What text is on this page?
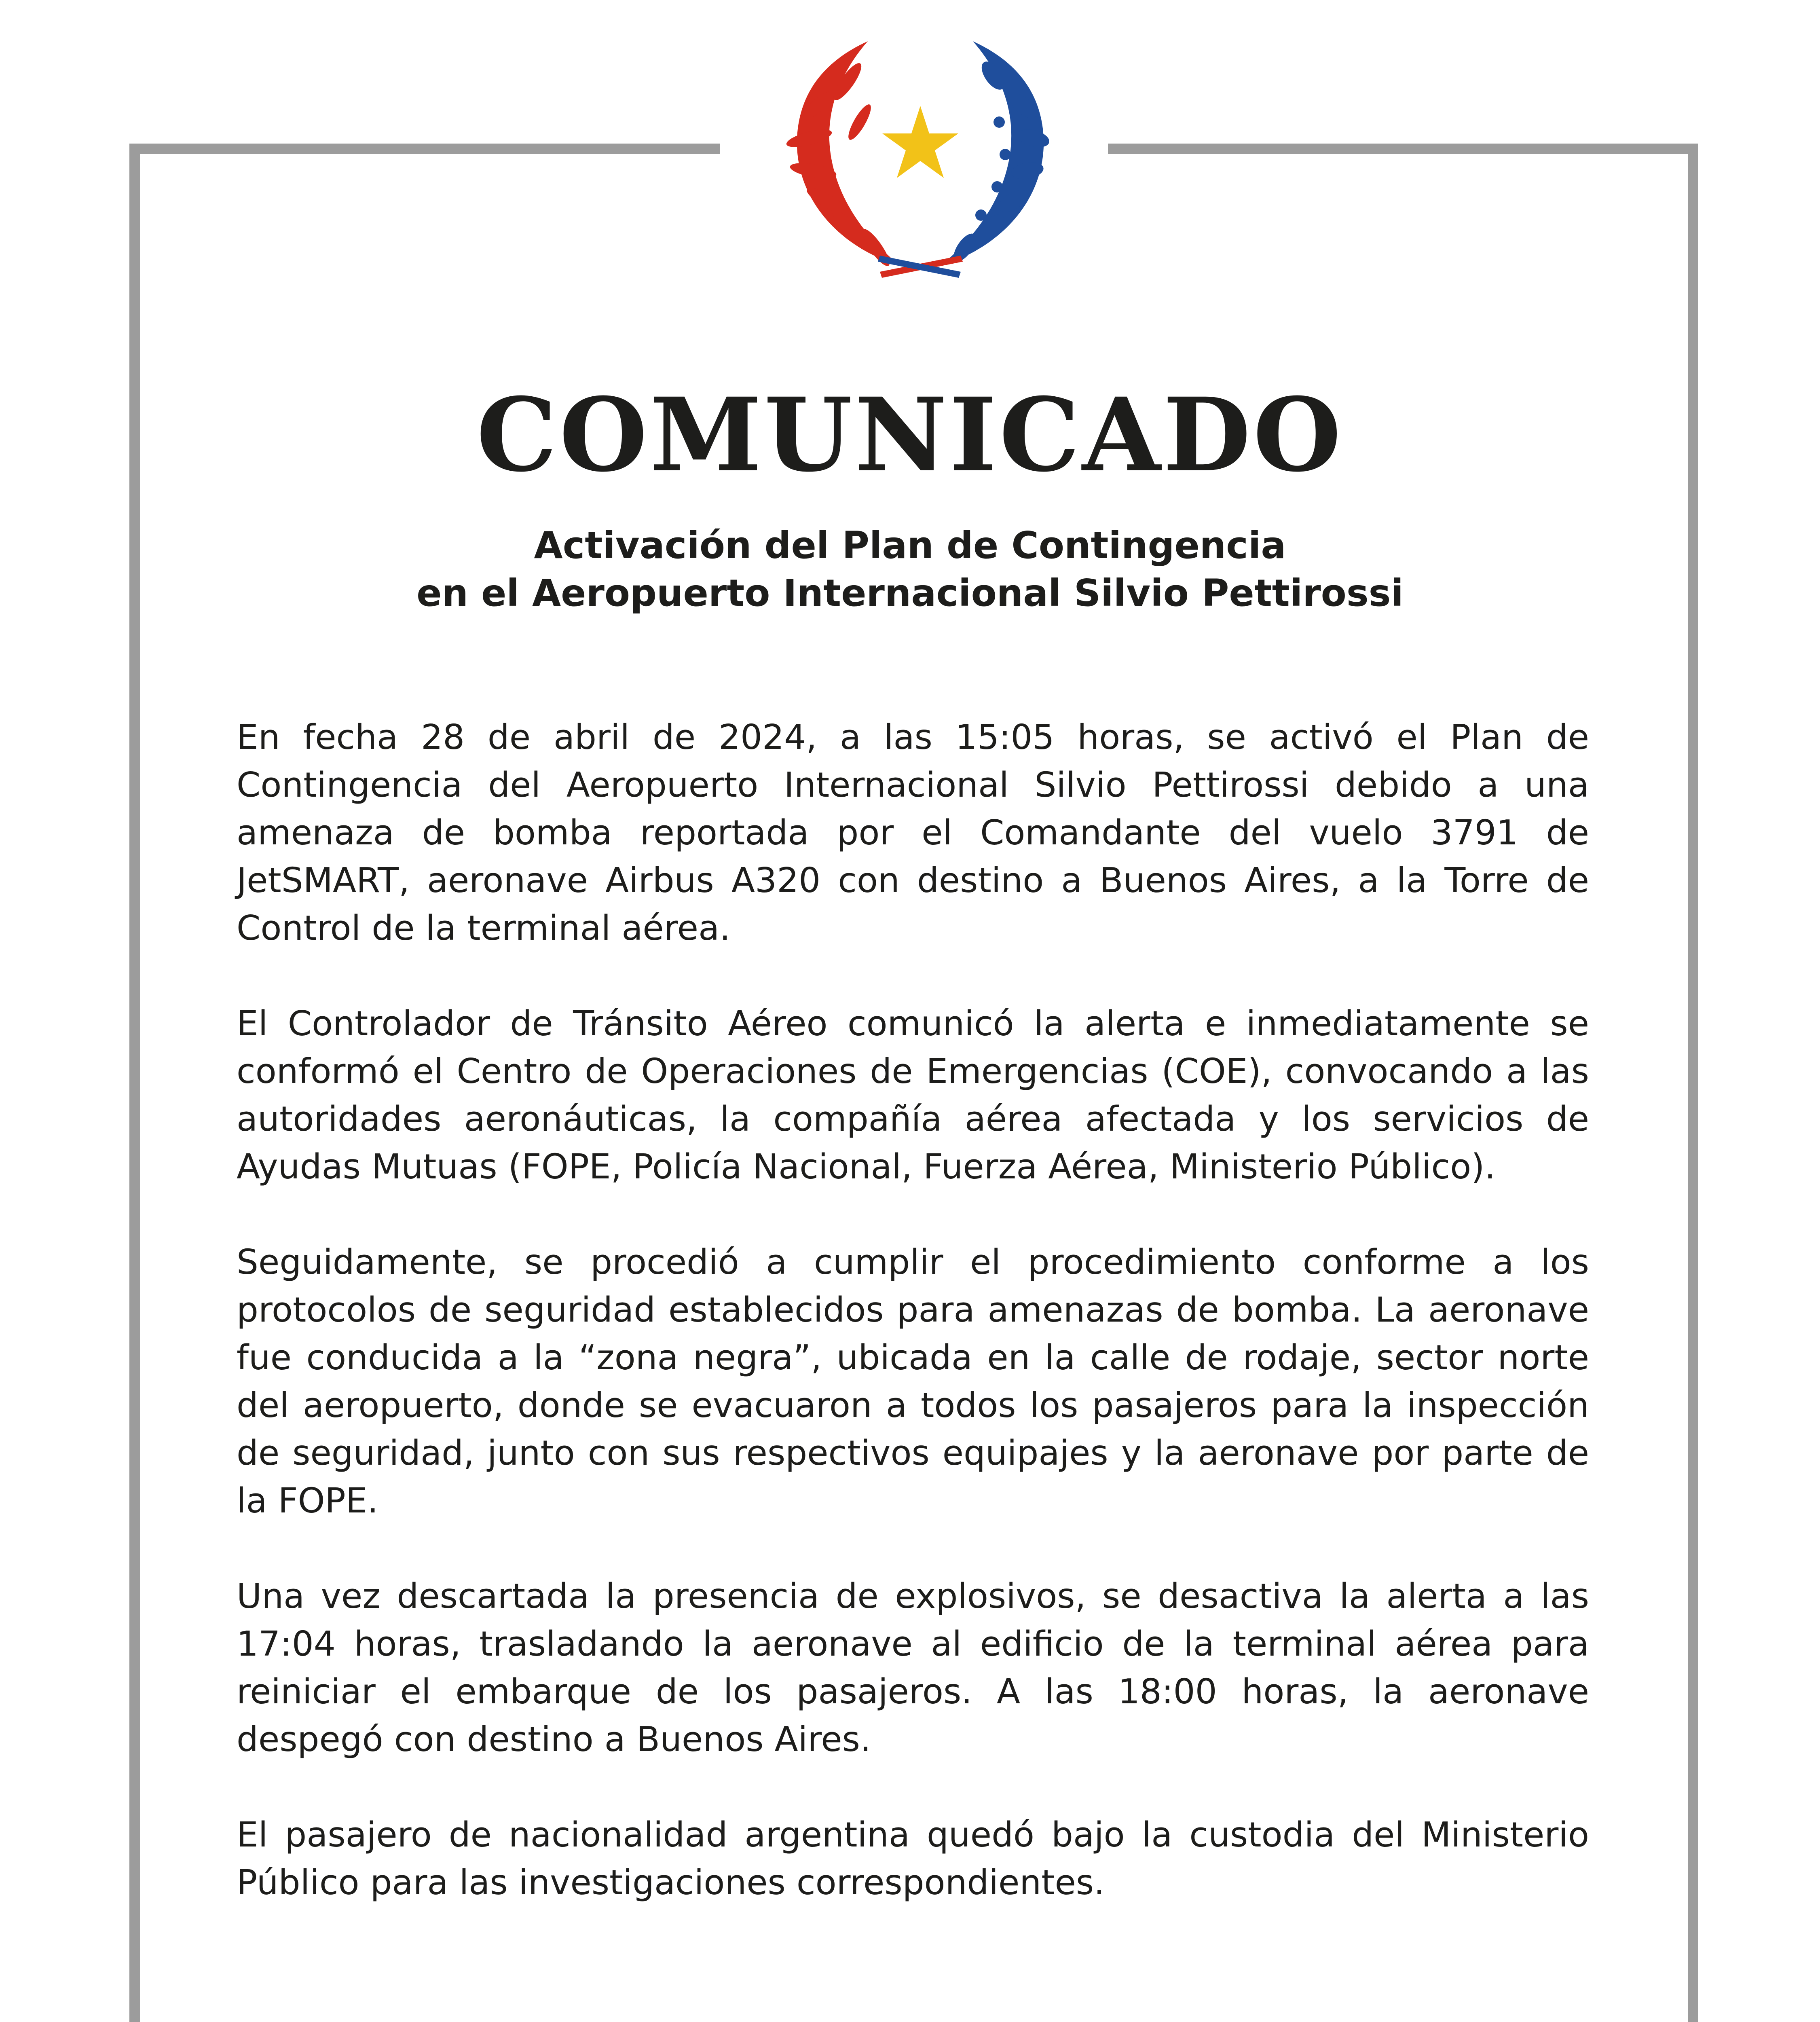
COMUNICADO
Activación del Plan de Contingencia
en el Aeropuerto Internacional Silvio Pettirossi

En fecha 28 de abril de 2024, a las 15:05 horas, se activó el Plan de Contingencia del Aeropuerto Internacional Silvio Pettirossi debido a una amenaza de bomba reportada por el Comandante del vuelo 3791 de JetSMART, aeronave Airbus A320 con destino a Buenos Aires, a la Torre de Control de la terminal aérea.

El Controlador de Tránsito Aéreo comunicó la alerta e inmediatamente se conformó el Centro de Operaciones de Emergencias (COE), convocando a las autoridades aeronáuticas, la compañía aérea afectada y los servicios de Ayudas Mutuas (FOPE, Policía Nacional, Fuerza Aérea, Ministerio Público).

Seguidamente, se procedió a cumplir el procedimiento conforme a los protocolos de seguridad establecidos para amenazas de bomba. La aeronave fue conducida a la “zona negra”, ubicada en la calle de rodaje, sector norte del aeropuerto, donde se evacuaron a todos los pasajeros para la inspección de seguridad, junto con sus respectivos equipajes y la aeronave por parte de la FOPE.

Una vez descartada la presencia de explosivos, se desactiva la alerta a las 17:04 horas, trasladando la aeronave al edificio de la terminal aérea para reiniciar el embarque de los pasajeros. A las 18:00 horas, la aeronave despegó con destino a Buenos Aires.

El pasajero de nacionalidad argentina quedó bajo la custodia del Ministerio Público para las investigaciones correspondientes.
